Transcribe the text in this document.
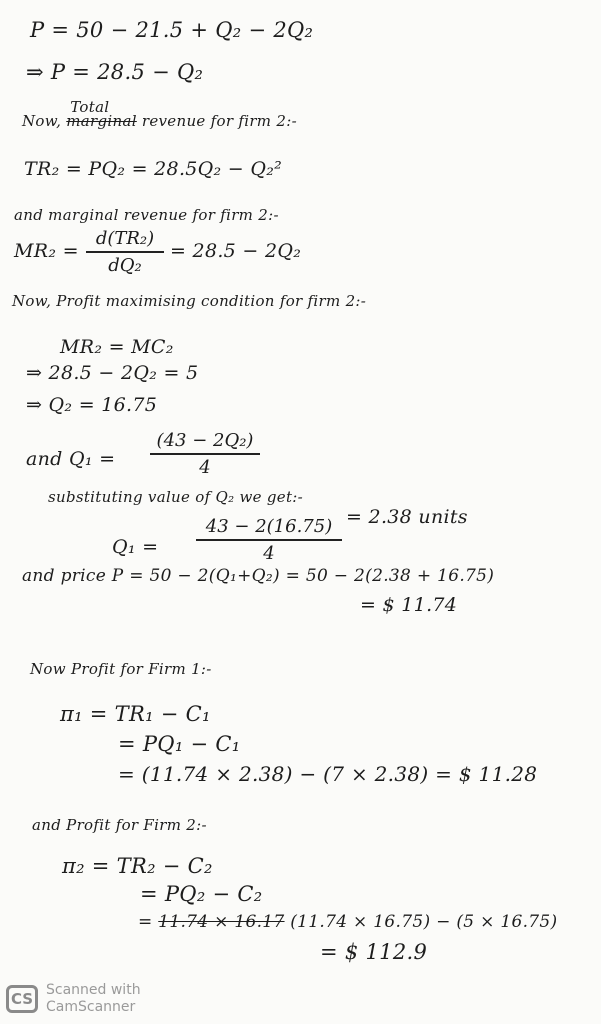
P = 50 − 21.5 + Q₂ − 2Q₂
⇒ P = 28.5 − Q₂
Now, marginal
Total
revenue for firm 2:-
TR₂ = PQ₂ = 28.5Q₂ − Q₂²
and marginal revenue for firm 2:-
MR₂ =
d(TR₂)
dQ₂
= 28.5 − 2Q₂
Now, Profit maximising condition for firm 2:-
MR₂ = MC₂
⇒ 28.5 − 2Q₂ = 5
⇒ Q₂ = 16.75
and Q₁ =
(43 − 2Q₂)
4
substituting value of Q₂ we get:-
Q₁ =
43 − 2(16.75)
4
= 2.38 units
and price P = 50 − 2(Q₁+Q₂) = 50 − 2(2.38 + 16.75)
= $ 11.74
Now Profit for Firm 1:-
π₁ = TR₁ − C₁
= PQ₁ − C₁
= (11.74 × 2.38) − (7 × 2.38) = $ 11.28
and Profit for Firm 2:-
π₂ = TR₂ − C₂
= PQ₂ − C₂
= 11.74 × 16.17 (11.74 × 16.75) − (5 × 16.75)
= $ 112.9
CS Scanned with
CamScanner
